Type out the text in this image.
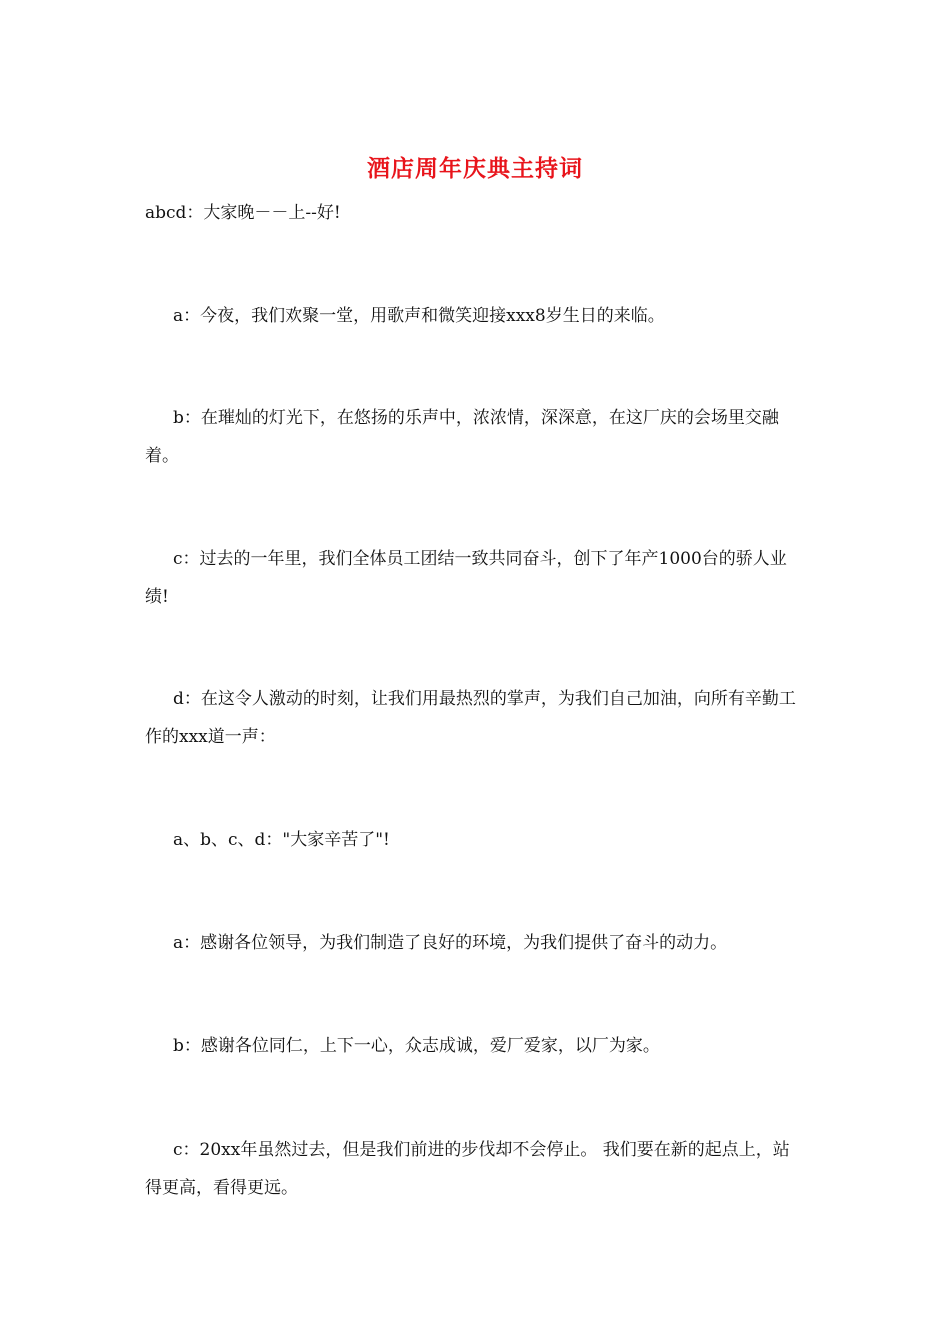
酒店周年庆典主持词

abcd：大家晚－－上--好!

a：今夜，我们欢聚一堂，用歌声和微笑迎接xxx8岁生日的来临。

b：在璀灿的灯光下，在悠扬的乐声中，浓浓情，深深意，在这厂庆的会场里交融着。

c：过去的一年里，我们全体员工团结一致共同奋斗，创下了年产1000台的骄人业绩!

d：在这令人激动的时刻，让我们用最热烈的掌声，为我们自己加油，向所有辛勤工作的xxx道一声：

a、b、c、d："大家辛苦了"!

a：感谢各位领导，为我们制造了良好的环境，为我们提供了奋斗的动力。

b：感谢各位同仁，上下一心，众志成诚，爱厂爱家，以厂为家。

c：20xx年虽然过去，但是我们前进的步伐却不会停止。 我们要在新的起点上，站得更高，看得更远。
